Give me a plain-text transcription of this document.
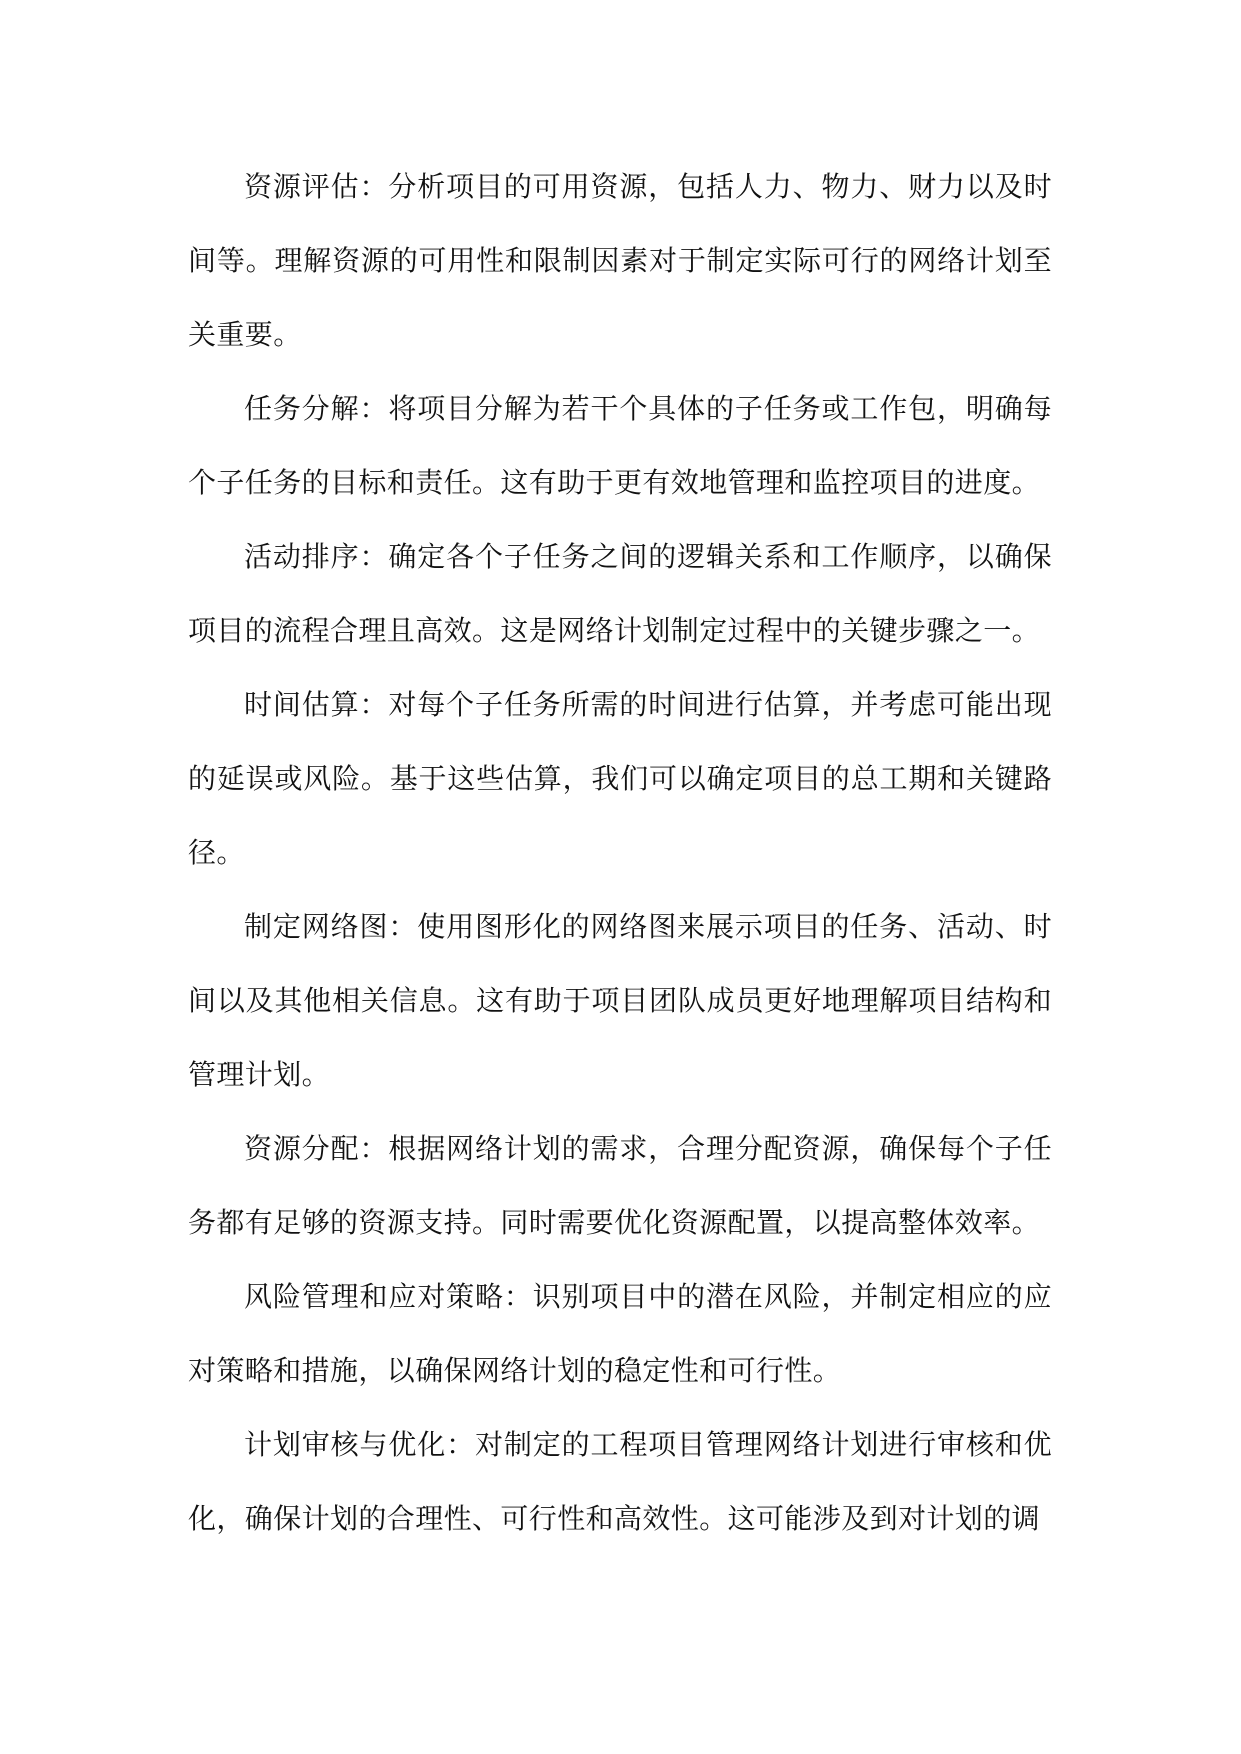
资源评估：分析项目的可用资源，包括人力、物力、财力以及时间等。理解资源的可用性和限制因素对于制定实际可行的网络计划至关重要。

任务分解：将项目分解为若干个具体的子任务或工作包，明确每个子任务的目标和责任。这有助于更有效地管理和监控项目的进度。

活动排序：确定各个子任务之间的逻辑关系和工作顺序，以确保项目的流程合理且高效。这是网络计划制定过程中的关键步骤之一。

时间估算：对每个子任务所需的时间进行估算，并考虑可能出现的延误或风险。基于这些估算，我们可以确定项目的总工期和关键路径。

制定网络图：使用图形化的网络图来展示项目的任务、活动、时间以及其他相关信息。这有助于项目团队成员更好地理解项目结构和管理计划。

资源分配：根据网络计划的需求，合理分配资源，确保每个子任务都有足够的资源支持。同时需要优化资源配置，以提高整体效率。

风险管理和应对策略：识别项目中的潜在风险，并制定相应的应对策略和措施，以确保网络计划的稳定性和可行性。

计划审核与优化：对制定的工程项目管理网络计划进行审核和优化，确保计划的合理性、可行性和高效性。这可能涉及到对计划的调
